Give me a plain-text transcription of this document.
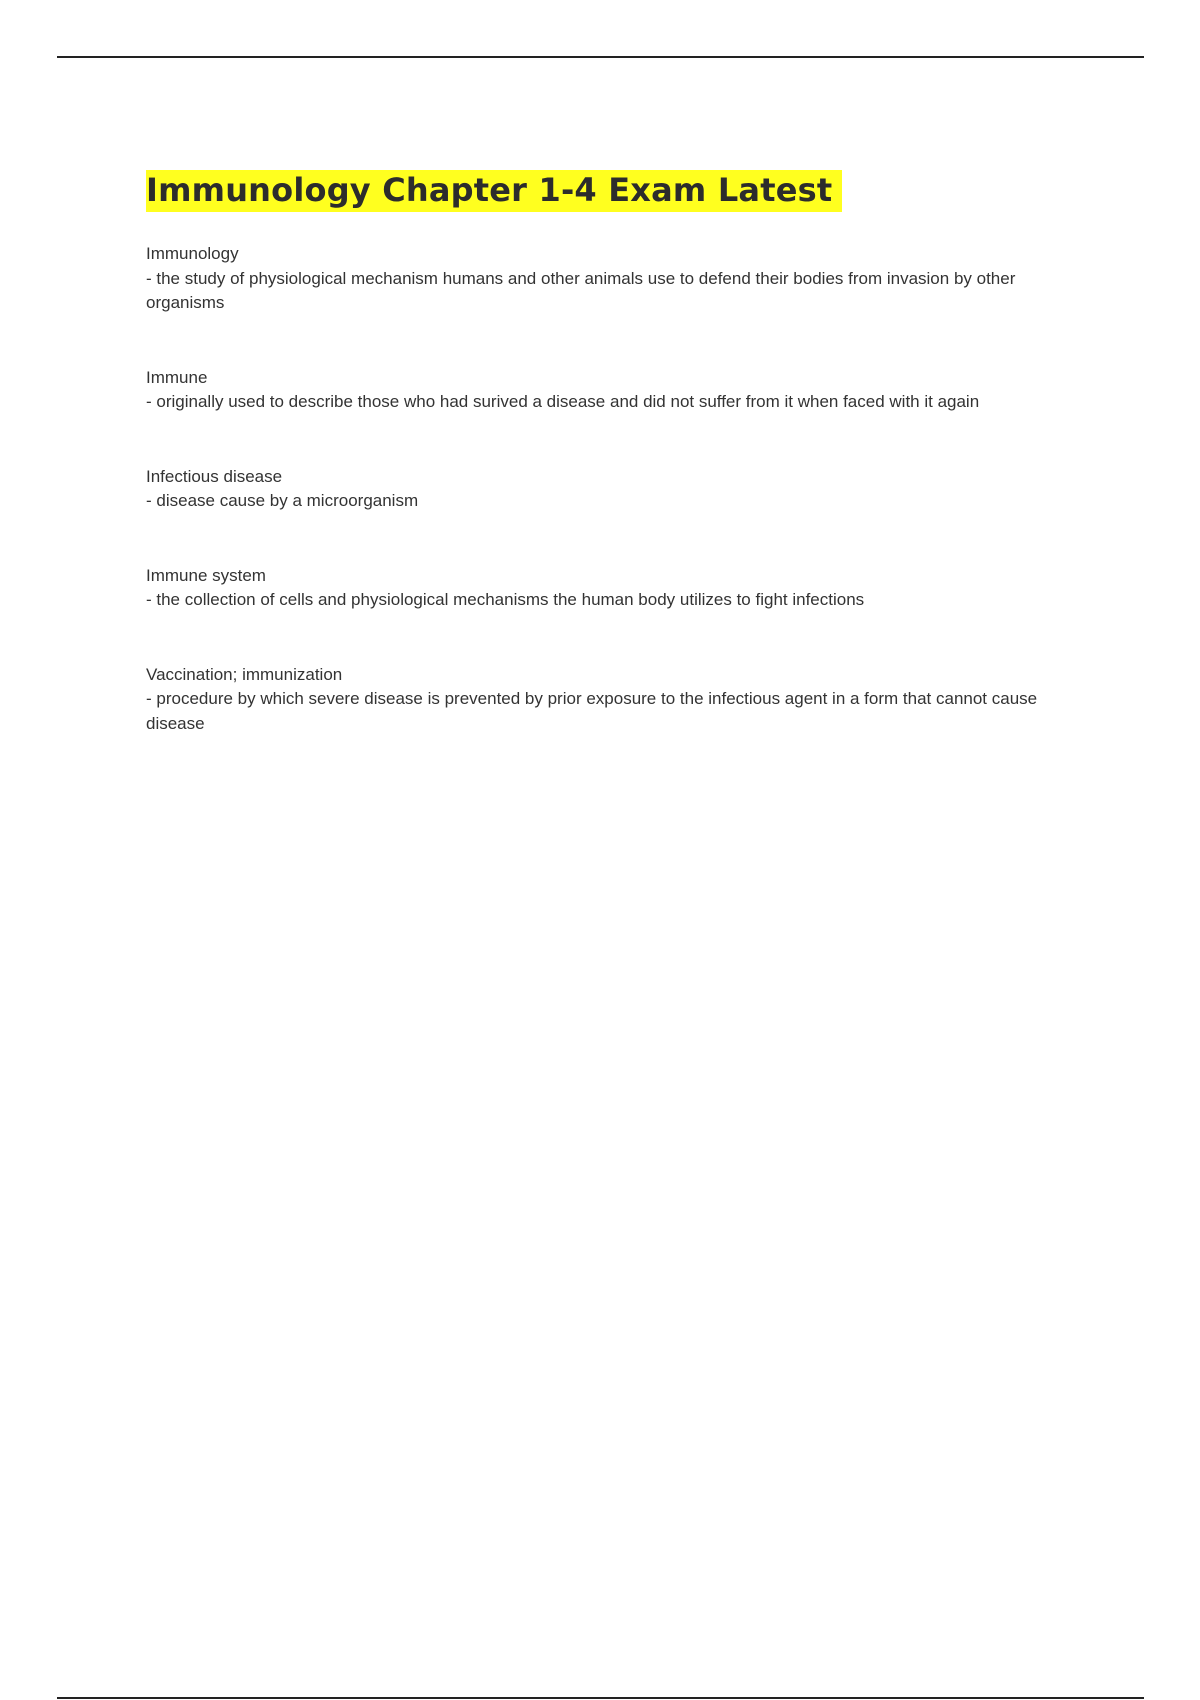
Immunology Chapter 1-4 Exam Latest
Immunology
- the study of physiological mechanism humans and other animals use to defend their bodies from invasion by other organisms
Immune
- originally used to describe those who had surived a disease and did not suffer from it when faced with it again
Infectious disease
- disease cause by a microorganism
Immune system
- the collection of cells and physiological mechanisms the human body utilizes to fight infections
Vaccination; immunization
- procedure by which severe disease is prevented by prior exposure to the infectious agent in a form that cannot cause disease
